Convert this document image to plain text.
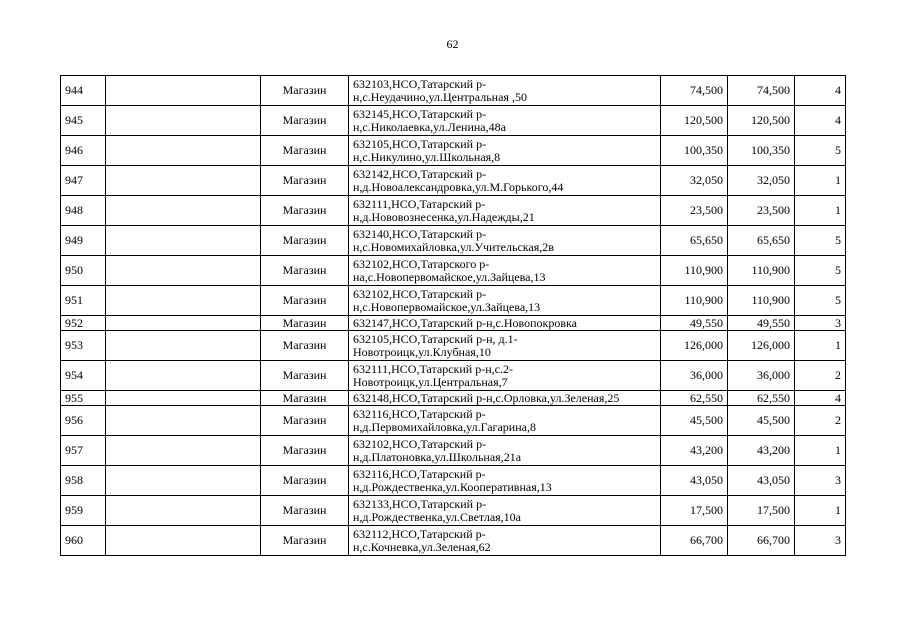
62
944		Магазин	632103,НСО,Татарский р-
н,с.Неудачино,ул.Центральная ,50	74,500	74,500	4
945		Магазин	632145,НСО,Татарский р-
н,с.Николаевка,ул.Ленина,48а	120,500	120,500	4
946		Магазин	632105,НСО,Татарский р-
н,с.Никулино,ул.Школьная,8	100,350	100,350	5
947		Магазин	632142,НСО,Татарский р-
н,д.Новоалександровка,ул.М.Горького,44	32,050	32,050	1
948		Магазин	632111,НСО,Татарский р-
н,д.Нововознесенка,ул.Надежды,21	23,500	23,500	1
949		Магазин	632140,НСО,Татарский р-
н,с.Новомихайловка,ул.Учительская,2в	65,650	65,650	5
950		Магазин	632102,НСО,Татарского р-
на,с.Новопервомайское,ул.Зайцева,13	110,900	110,900	5
951		Магазин	632102,НСО,Татарский р-
н,с.Новопервомайское,ул.Зайцева,13	110,900	110,900	5
952		Магазин	632147,НСО,Татарский р-н,с.Новопокровка	49,550	49,550	3
953		Магазин	632105,НСО,Татарский р-н, д.1-
Новотроицк,ул.Клубная,10	126,000	126,000	1
954		Магазин	632111,НСО,Татарский р-н,с.2-
Новотроицк,ул.Центральная,7	36,000	36,000	2
955		Магазин	632148,НСО,Татарский р-н,с.Орловка,ул.Зеленая,25	62,550	62,550	4
956		Магазин	632116,НСО,Татарский р-
н,д.Первомихайловка,ул.Гагарина,8	45,500	45,500	2
957		Магазин	632102,НСО,Татарский р-
н,д.Платоновка,ул.Школьная,21а	43,200	43,200	1
958		Магазин	632116,НСО,Татарский р-
н,д.Рождественка,ул.Кооперативная,13	43,050	43,050	3
959		Магазин	632133,НСО,Татарский р-
н,д.Рождественка,ул.Светлая,10а	17,500	17,500	1
960		Магазин	632112,НСО,Татарский р-
н,с.Кочневка,ул.Зеленая,62	66,700	66,700	3
